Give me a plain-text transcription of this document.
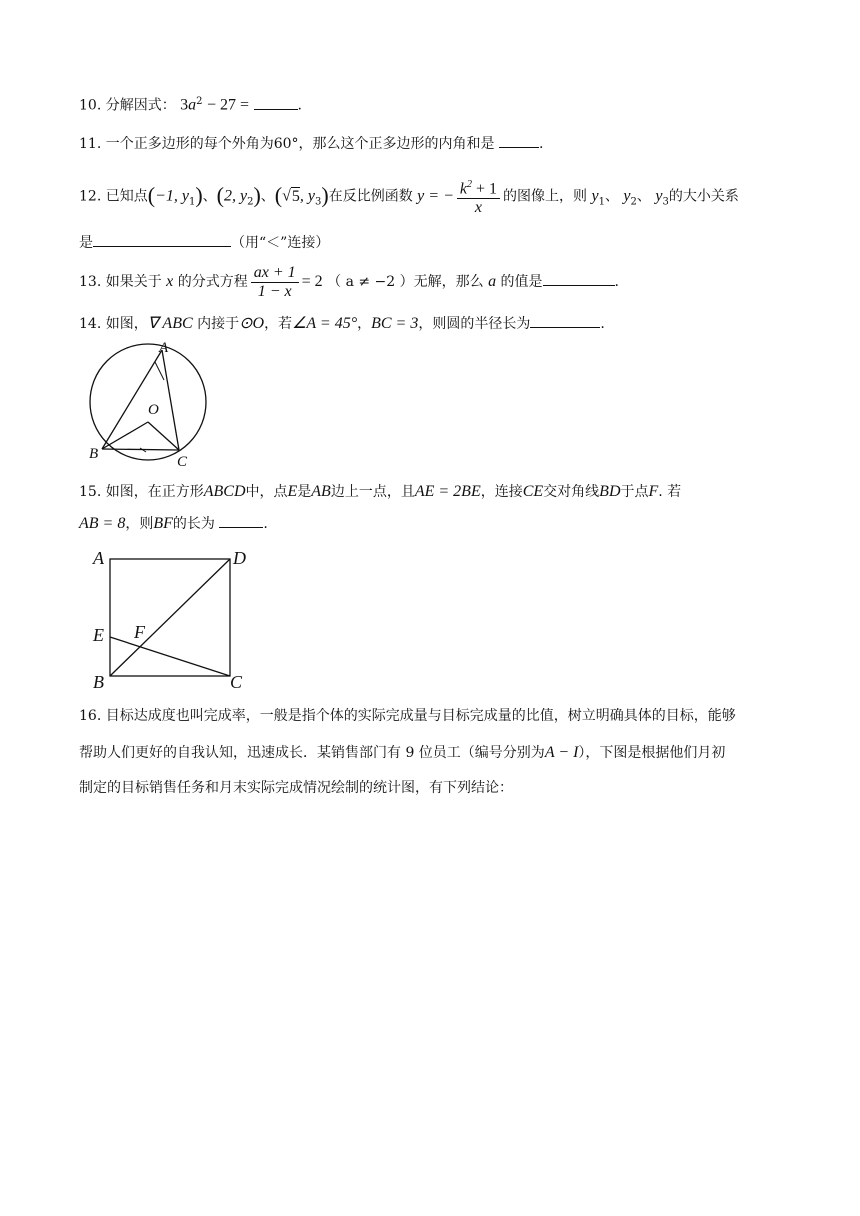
10. 分解因式： $3a^2 - 27$ =	.
11. 一个正多边形的每个外角为60°，那么这个正多边形的内角和是	.
12. 已知点(−1, $y_1$)、(2, $y_2$)、(√5, $y_3$)在反比例函数 y = − $\frac{k^2 + 1}{x}$ 的图像上，则 $y_1$、 $y_2$、 $y_3$的大小关系
是	（用“＜”连接）
13. 如果关于 x 的分式方程 $\frac{ax + 1}{1 - x} = 2$ （ a ≠ −2 ）无解，那么 a 的值是	.
14. 如图，∇ ABC 内接于⊙O，若∠A = 45°，BC = 3，则圆的半径长为	.
A
O
B	C
15. 如图，在正方形ABCD中，点E是AB边上一点，且AE = 2BE，连接CE交对角线BD于点F. 若
AB = 8，则BF的长为	.
A	D
E F
B	C
16. 目标达成度也叫完成率，一般是指个体的实际完成量与目标完成量的比值，树立明确具体的目标，能够
帮助人们更好的自我认知，迅速成长．某销售部门有 9 位员工（编号分别为A − I），下图是根据他们月初
制定的目标销售任务和月末实际完成情况绘制的统计图，有下列结论：
